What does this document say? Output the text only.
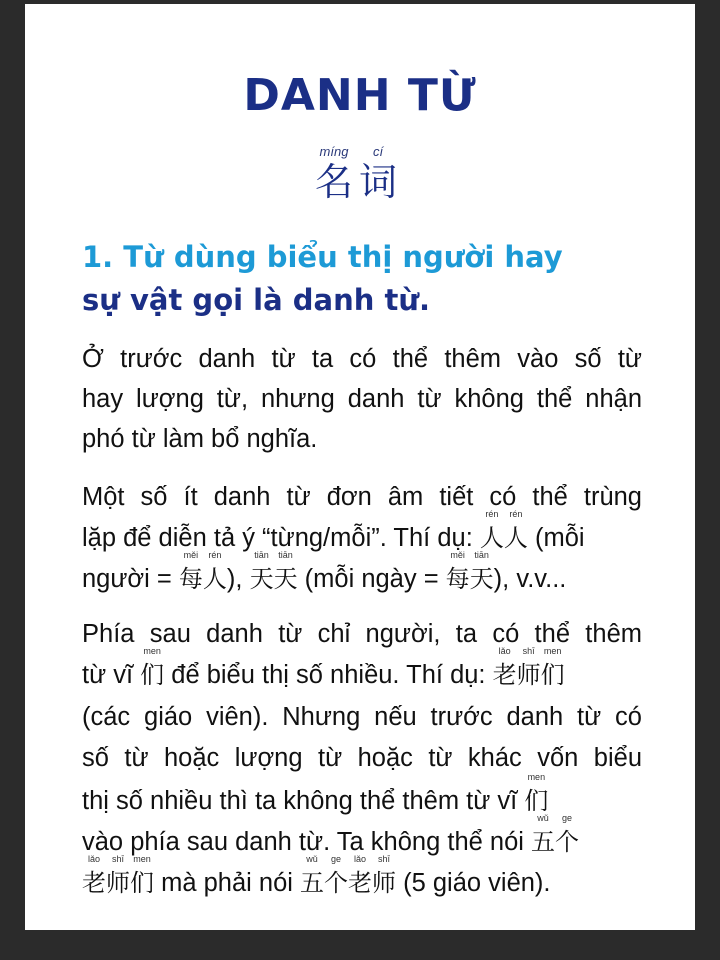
DANH TỪ
míng
名
cí
词
1. Từ dùng biểu thị người hay
sự vật gọi là danh từ.
Ở trước danh từ ta có thể thêm vào số từ
hay lượng từ, nhưng danh từ không thể nhận
phó từ làm bổ nghĩa.
Một số ít danh từ đơn âm tiết có thể trùng
lặp để diễn tả ý “từng/mỗi”. Thí dụ:
rén
人
rén
人 (mỗi
người =
měi
每
rén
人),
tiān
天
tiān
天 (mỗi ngày =
měi
每
tiān
天), v.v...
Phía sau danh từ chỉ người, ta có thể thêm
từ vĩ
men
们 để biểu thị số nhiều. Thí dụ:
lǎo
老
shī
师
men
们
(các giáo viên). Nhưng nếu trước danh từ có
số từ hoặc lượng từ hoặc từ khác vốn biểu
thị số nhiều thì ta không thể thêm từ vĩ
men
们
vào phía sau danh từ. Ta không thể nói
wǔ
五
ge
个
lǎo
老
shī
师
men
们 mà phải nói
wǔ
五
ge
个
lǎo
老
shī
师 (5 giáo viên).
